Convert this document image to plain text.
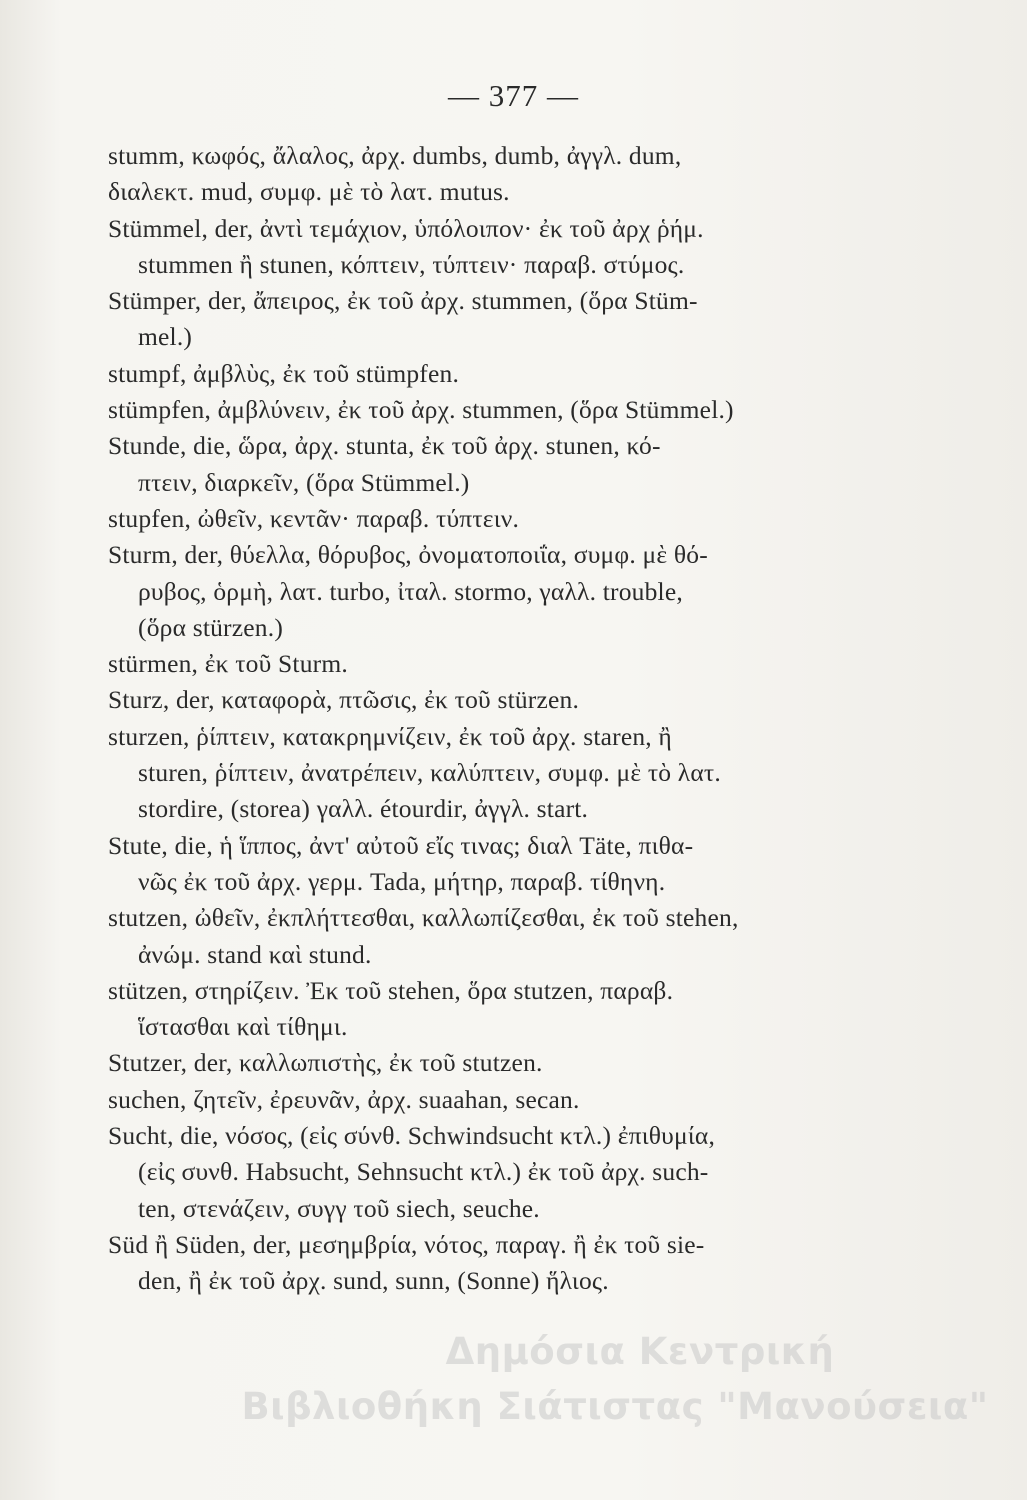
— 377 —
stumm, κωφός, ἄλαλος, ἀρχ. dumbs, dumb, ἀγγλ. dum,
διαλεκτ. mud, συμφ. μὲ τὸ λατ. mutus.
Stümmel, der, ἀντὶ τεμάχιον, ὑπόλοιπον· ἐκ τοῦ ἀρχ ῥήμ.
stummen ἢ stunen, κόπτειν, τύπτειν· παραβ. στύμος.
Stümper, der, ἄπειρος, ἐκ τοῦ ἀρχ. stummen, (ὅρα Stüm-
mel.)
stumpf, ἀμβλὺς, ἐκ τοῦ stümpfen.
stümpfen, ἀμβλύνειν, ἐκ τοῦ ἀρχ. stummen, (ὅρα Stümmel.)
Stunde, die, ὥρα, ἀρχ. stunta, ἐκ τοῦ ἀρχ. stunen, κό-
πτειν, διαρκεῖν, (ὅρα Stümmel.)
stupfen, ὠθεῖν, κεντᾶν· παραβ. τύπτειν.
Sturm, der, θύελλα, θόρυβος, ὀνοματοποιΐα, συμφ. μὲ θό-
ρυβος, ὁρμὴ, λατ. turbo, ἰταλ. stormo, γαλλ. trouble,
(ὅρα stürzen.)
stürmen, ἐκ τοῦ Sturm.
Sturz, der, καταφορὰ, πτῶσις, ἐκ τοῦ stürzen.
sturzen, ῥίπτειν, κατακρημνίζειν, ἐκ τοῦ ἀρχ. staren, ἢ
sturen, ῥίπτειν, ἀνατρέπειν, καλύπτειν, συμφ. μὲ τὸ λατ.
stordire, (storea) γαλλ. étourdir, ἀγγλ. start.
Stute, die, ἡ ἵππος, ἀντ' αὐτοῦ εἴς τινας; διαλ Täte, πιθα-
νῶς ἐκ τοῦ ἀρχ. γερμ. Tada, μήτηρ, παραβ. τίθηνη.
stutzen, ὠθεῖν, ἐκπλήττεσθαι, καλλωπίζεσθαι, ἐκ τοῦ stehen,
ἀνώμ. stand καὶ stund.
stützen, στηρίζειν. Ἐκ τοῦ stehen, ὅρα stutzen, παραβ.
ἵστασθαι καὶ τίθημι.
Stutzer, der, καλλωπιστὴς, ἐκ τοῦ stutzen.
suchen, ζητεῖν, ἐρευνᾶν, ἀρχ. suaahan, secan.
Sucht, die, νόσος, (εἰς σύνθ. Schwindsucht κτλ.) ἐπιθυμία,
(εἰς συνθ. Habsucht, Sehnsucht κτλ.) ἐκ τοῦ ἀρχ. such-
ten, στενάζειν, συγγ τοῦ siech, seuche.
Süd ἢ Süden, der, μεσημβρία, νότος, παραγ. ἢ ἐκ τοῦ sie-
den, ἢ ἐκ τοῦ ἀρχ. sund, sunn, (Sonne) ἥλιος.
Δημόσια Κεντρική
Βιβλιοθήκη Σιάτιστας "Μανούσεια"
